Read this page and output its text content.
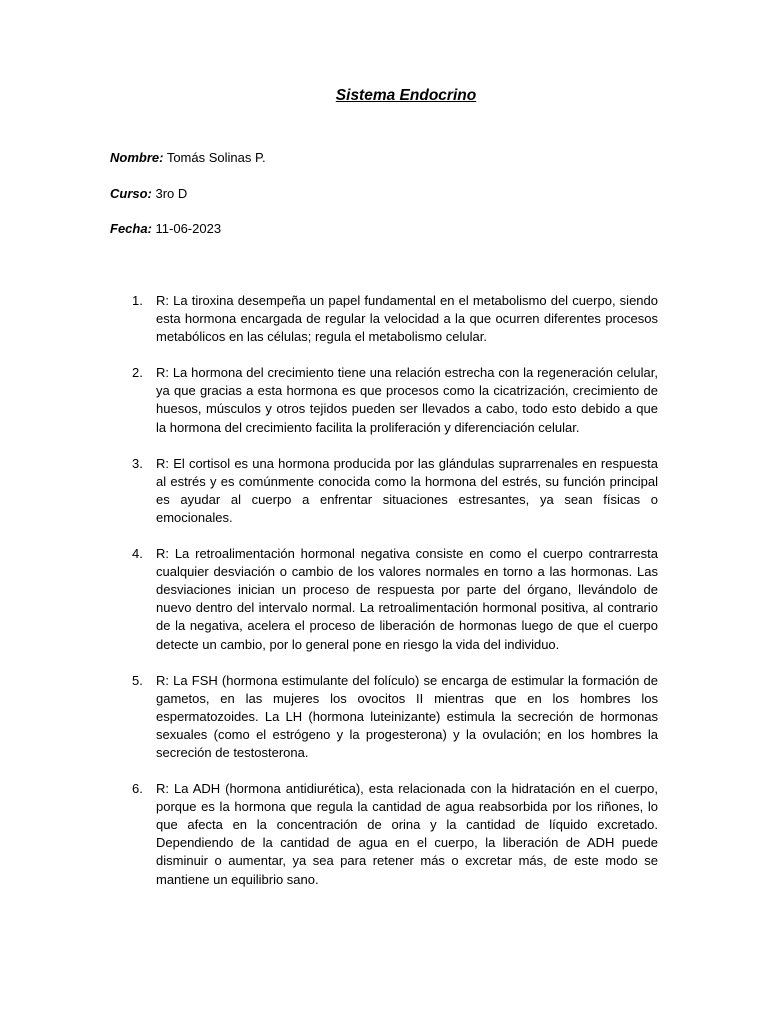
Sistema Endocrino
Nombre: Tomás Solinas P.
Curso: 3ro D
Fecha: 11-06-2023
1. R: La tiroxina desempeña un papel fundamental en el metabolismo del cuerpo, siendo esta hormona encargada de regular la velocidad a la que ocurren diferentes procesos metabólicos en las células; regula el metabolismo celular.
2. R: La hormona del crecimiento tiene una relación estrecha con la regeneración celular, ya que gracias a esta hormona es que procesos como la cicatrización, crecimiento de huesos, músculos y otros tejidos pueden ser llevados a cabo, todo esto debido a que la hormona del crecimiento facilita la proliferación y diferenciación celular.
3. R: El cortisol es una hormona producida por las glándulas suprarrenales en respuesta al estrés y es comúnmente conocida como la hormona del estrés, su función principal es ayudar al cuerpo a enfrentar situaciones estresantes, ya sean físicas o emocionales.
4. R: La retroalimentación hormonal negativa consiste en como el cuerpo contrarresta cualquier desviación o cambio de los valores normales en torno a las hormonas. Las desviaciones inician un proceso de respuesta por parte del órgano, llevándolo de nuevo dentro del intervalo normal. La retroalimentación hormonal positiva, al contrario de la negativa, acelera el proceso de liberación de hormonas luego de que el cuerpo detecte un cambio, por lo general pone en riesgo la vida del individuo.
5. R: La FSH (hormona estimulante del folículo) se encarga de estimular la formación de gametos, en las mujeres los ovocitos II mientras que en los hombres los espermatozoides. La LH (hormona luteinizante) estimula la secreción de hormonas sexuales (como el estrógeno y la progesterona) y la ovulación; en los hombres la secreción de testosterona.
6. R: La ADH (hormona antidiurética), esta relacionada con la hidratación en el cuerpo, porque es la hormona que regula la cantidad de agua reabsorbida por los riñones, lo que afecta en la concentración de orina y la cantidad de líquido excretado. Dependiendo de la cantidad de agua en el cuerpo, la liberación de ADH puede disminuir o aumentar, ya sea para retener más o excretar más, de este modo se mantiene un equilibrio sano.
